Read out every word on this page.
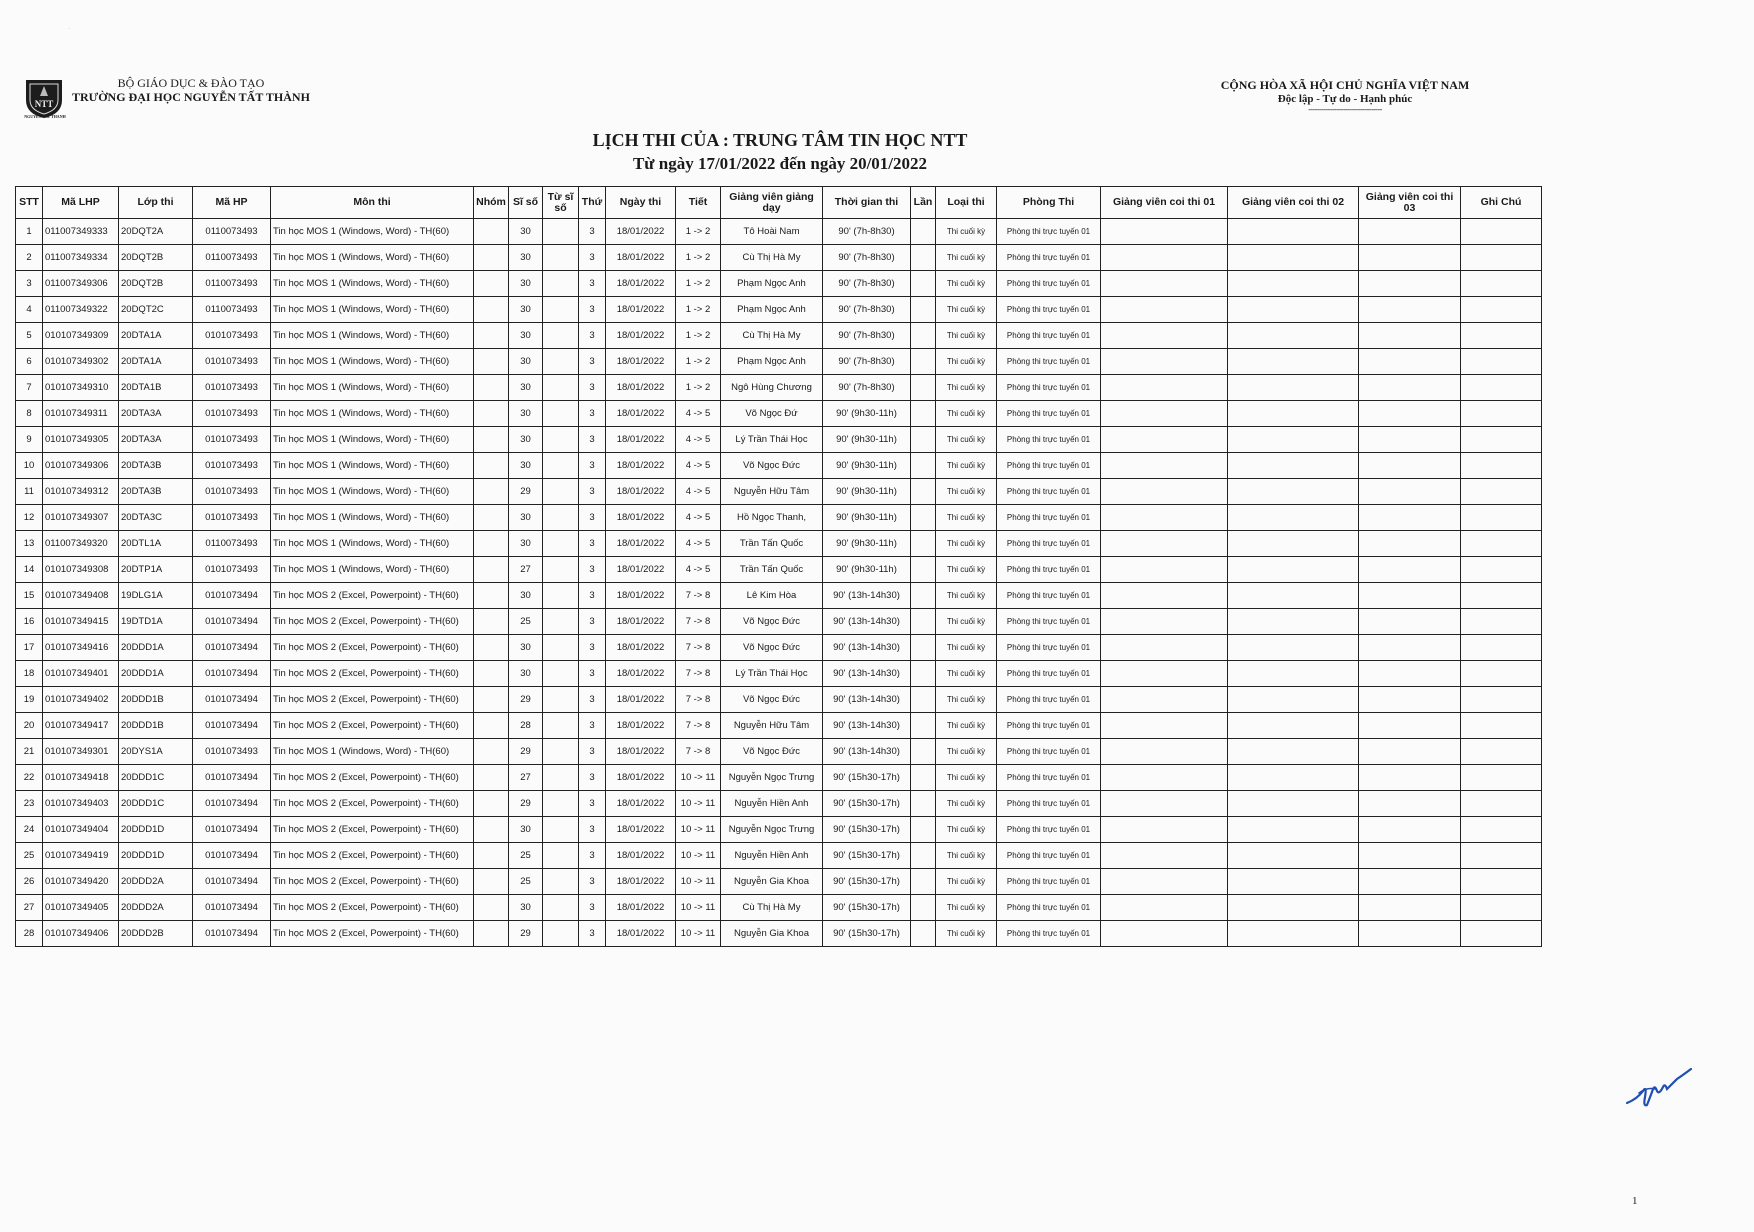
NTT
NGUYEN TAT THANH
·
BỘ GIÁO DỤC & ĐÀO TẠO
TRƯỜNG ĐẠI HỌC NGUYỄN TẤT THÀNH
CỘNG HÒA XÃ HỘI CHỦ NGHĨA VIỆT NAM
Độc lập - Tự do - Hạnh phúc
----------------------------------
LỊCH THI CỦA : TRUNG TÂM TIN HỌC NTT
Từ ngày 17/01/2022 đến ngày 20/01/2022
STT	Mã LHP	Lớp thi	Mã HP	Môn thi	Nhóm	Sĩ số	Từ sĩ số	Thứ	Ngày thi	Tiết	Giảng viên giảng dạy	Thời gian thi	Lần	Loại thi	Phòng Thi	Giảng viên coi thi 01	Giảng viên coi thi 02	Giảng viên coi thi 03	Ghi Chú
1	011007349333	20DQT2A	0110073493	Tin học MOS 1 (Windows, Word) - TH(60)		30		3	18/01/2022	1 -> 2	Tô Hoài Nam	90' (7h-8h30)		Thi cuối kỳ	Phòng thi trực tuyến 01				
2	011007349334	20DQT2B	0110073493	Tin học MOS 1 (Windows, Word) - TH(60)		30		3	18/01/2022	1 -> 2	Cù Thị Hà My	90' (7h-8h30)		Thi cuối kỳ	Phòng thi trực tuyến 01				
3	011007349306	20DQT2B	0110073493	Tin học MOS 1 (Windows, Word) - TH(60)		30		3	18/01/2022	1 -> 2	Phạm Ngọc Anh	90' (7h-8h30)		Thi cuối kỳ	Phòng thi trực tuyến 01				
4	011007349322	20DQT2C	0110073493	Tin học MOS 1 (Windows, Word) - TH(60)		30		3	18/01/2022	1 -> 2	Phạm Ngọc Anh	90' (7h-8h30)		Thi cuối kỳ	Phòng thi trực tuyến 01				
5	010107349309	20DTA1A	0101073493	Tin học MOS 1 (Windows, Word) - TH(60)		30		3	18/01/2022	1 -> 2	Cù Thị Hà My	90' (7h-8h30)		Thi cuối kỳ	Phòng thi trực tuyến 01				
6	010107349302	20DTA1A	0101073493	Tin học MOS 1 (Windows, Word) - TH(60)		30		3	18/01/2022	1 -> 2	Phạm Ngọc Anh	90' (7h-8h30)		Thi cuối kỳ	Phòng thi trực tuyến 01				
7	010107349310	20DTA1B	0101073493	Tin học MOS 1 (Windows, Word) - TH(60)		30		3	18/01/2022	1 -> 2	Ngô Hùng Chương	90' (7h-8h30)		Thi cuối kỳ	Phòng thi trực tuyến 01				
8	010107349311	20DTA3A	0101073493	Tin học MOS 1 (Windows, Word) - TH(60)		30		3	18/01/2022	4 -> 5	Võ Ngọc Đứ	90' (9h30-11h)		Thi cuối kỳ	Phòng thi trực tuyến 01				
9	010107349305	20DTA3A	0101073493	Tin học MOS 1 (Windows, Word) - TH(60)		30		3	18/01/2022	4 -> 5	Lý Trần Thái Học	90' (9h30-11h)		Thi cuối kỳ	Phòng thi trực tuyến 01				
10	010107349306	20DTA3B	0101073493	Tin học MOS 1 (Windows, Word) - TH(60)		30		3	18/01/2022	4 -> 5	Võ Ngọc Đức	90' (9h30-11h)		Thi cuối kỳ	Phòng thi trực tuyến 01				
11	010107349312	20DTA3B	0101073493	Tin học MOS 1 (Windows, Word) - TH(60)		29		3	18/01/2022	4 -> 5	Nguyễn Hữu Tâm	90' (9h30-11h)		Thi cuối kỳ	Phòng thi trực tuyến 01				
12	010107349307	20DTA3C	0101073493	Tin học MOS 1 (Windows, Word) - TH(60)		30		3	18/01/2022	4 -> 5	Hồ Ngọc Thanh,	90' (9h30-11h)		Thi cuối kỳ	Phòng thi trực tuyến 01				
13	011007349320	20DTL1A	0110073493	Tin học MOS 1 (Windows, Word) - TH(60)		30		3	18/01/2022	4 -> 5	Trần Tấn Quốc	90' (9h30-11h)		Thi cuối kỳ	Phòng thi trực tuyến 01				
14	010107349308	20DTP1A	0101073493	Tin học MOS 1 (Windows, Word) - TH(60)		27		3	18/01/2022	4 -> 5	Trần Tấn Quốc	90' (9h30-11h)		Thi cuối kỳ	Phòng thi trực tuyến 01				
15	010107349408	19DLG1A	0101073494	Tin học MOS 2 (Excel, Powerpoint) - TH(60)		30		3	18/01/2022	7 -> 8	Lê Kim Hòa	90' (13h-14h30)		Thi cuối kỳ	Phòng thi trực tuyến 01				
16	010107349415	19DTD1A	0101073494	Tin học MOS 2 (Excel, Powerpoint) - TH(60)		25		3	18/01/2022	7 -> 8	Võ Ngọc Đức	90' (13h-14h30)		Thi cuối kỳ	Phòng thi trực tuyến 01				
17	010107349416	20DDD1A	0101073494	Tin học MOS 2 (Excel, Powerpoint) - TH(60)		30		3	18/01/2022	7 -> 8	Võ Ngọc Đức	90' (13h-14h30)		Thi cuối kỳ	Phòng thi trực tuyến 01				
18	010107349401	20DDD1A	0101073494	Tin học MOS 2 (Excel, Powerpoint) - TH(60)		30		3	18/01/2022	7 -> 8	Lý Trần Thái Học	90' (13h-14h30)		Thi cuối kỳ	Phòng thi trực tuyến 01				
19	010107349402	20DDD1B	0101073494	Tin học MOS 2 (Excel, Powerpoint) - TH(60)		29		3	18/01/2022	7 -> 8	Võ Ngọc Đức	90' (13h-14h30)		Thi cuối kỳ	Phòng thi trực tuyến 01				
20	010107349417	20DDD1B	0101073494	Tin học MOS 2 (Excel, Powerpoint) - TH(60)		28		3	18/01/2022	7 -> 8	Nguyễn Hữu Tâm	90' (13h-14h30)		Thi cuối kỳ	Phòng thi trực tuyến 01				
21	010107349301	20DYS1A	0101073493	Tin học MOS 1 (Windows, Word) - TH(60)		29		3	18/01/2022	7 -> 8	Võ Ngọc Đức	90' (13h-14h30)		Thi cuối kỳ	Phòng thi trực tuyến 01				
22	010107349418	20DDD1C	0101073494	Tin học MOS 2 (Excel, Powerpoint) - TH(60)		27		3	18/01/2022	10 -> 11	Nguyễn Ngọc Trưng	90' (15h30-17h)		Thi cuối kỳ	Phòng thi trực tuyến 01				
23	010107349403	20DDD1C	0101073494	Tin học MOS 2 (Excel, Powerpoint) - TH(60)		29		3	18/01/2022	10 -> 11	Nguyễn Hiền Anh	90' (15h30-17h)		Thi cuối kỳ	Phòng thi trực tuyến 01				
24	010107349404	20DDD1D	0101073494	Tin học MOS 2 (Excel, Powerpoint) - TH(60)		30		3	18/01/2022	10 -> 11	Nguyễn Ngọc Trưng	90' (15h30-17h)		Thi cuối kỳ	Phòng thi trực tuyến 01				
25	010107349419	20DDD1D	0101073494	Tin học MOS 2 (Excel, Powerpoint) - TH(60)		25		3	18/01/2022	10 -> 11	Nguyễn Hiền Anh	90' (15h30-17h)		Thi cuối kỳ	Phòng thi trực tuyến 01				
26	010107349420	20DDD2A	0101073494	Tin học MOS 2 (Excel, Powerpoint) - TH(60)		25		3	18/01/2022	10 -> 11	Nguyễn Gia Khoa	90' (15h30-17h)		Thi cuối kỳ	Phòng thi trực tuyến 01				
27	010107349405	20DDD2A	0101073494	Tin học MOS 2 (Excel, Powerpoint) - TH(60)		30		3	18/01/2022	10 -> 11	Cù Thị Hà My	90' (15h30-17h)		Thi cuối kỳ	Phòng thi trực tuyến 01				
28	010107349406	20DDD2B	0101073494	Tin học MOS 2 (Excel, Powerpoint) - TH(60)		29		3	18/01/2022	10 -> 11	Nguyễn Gia Khoa	90' (15h30-17h)		Thi cuối kỳ	Phòng thi trực tuyến 01				
1
